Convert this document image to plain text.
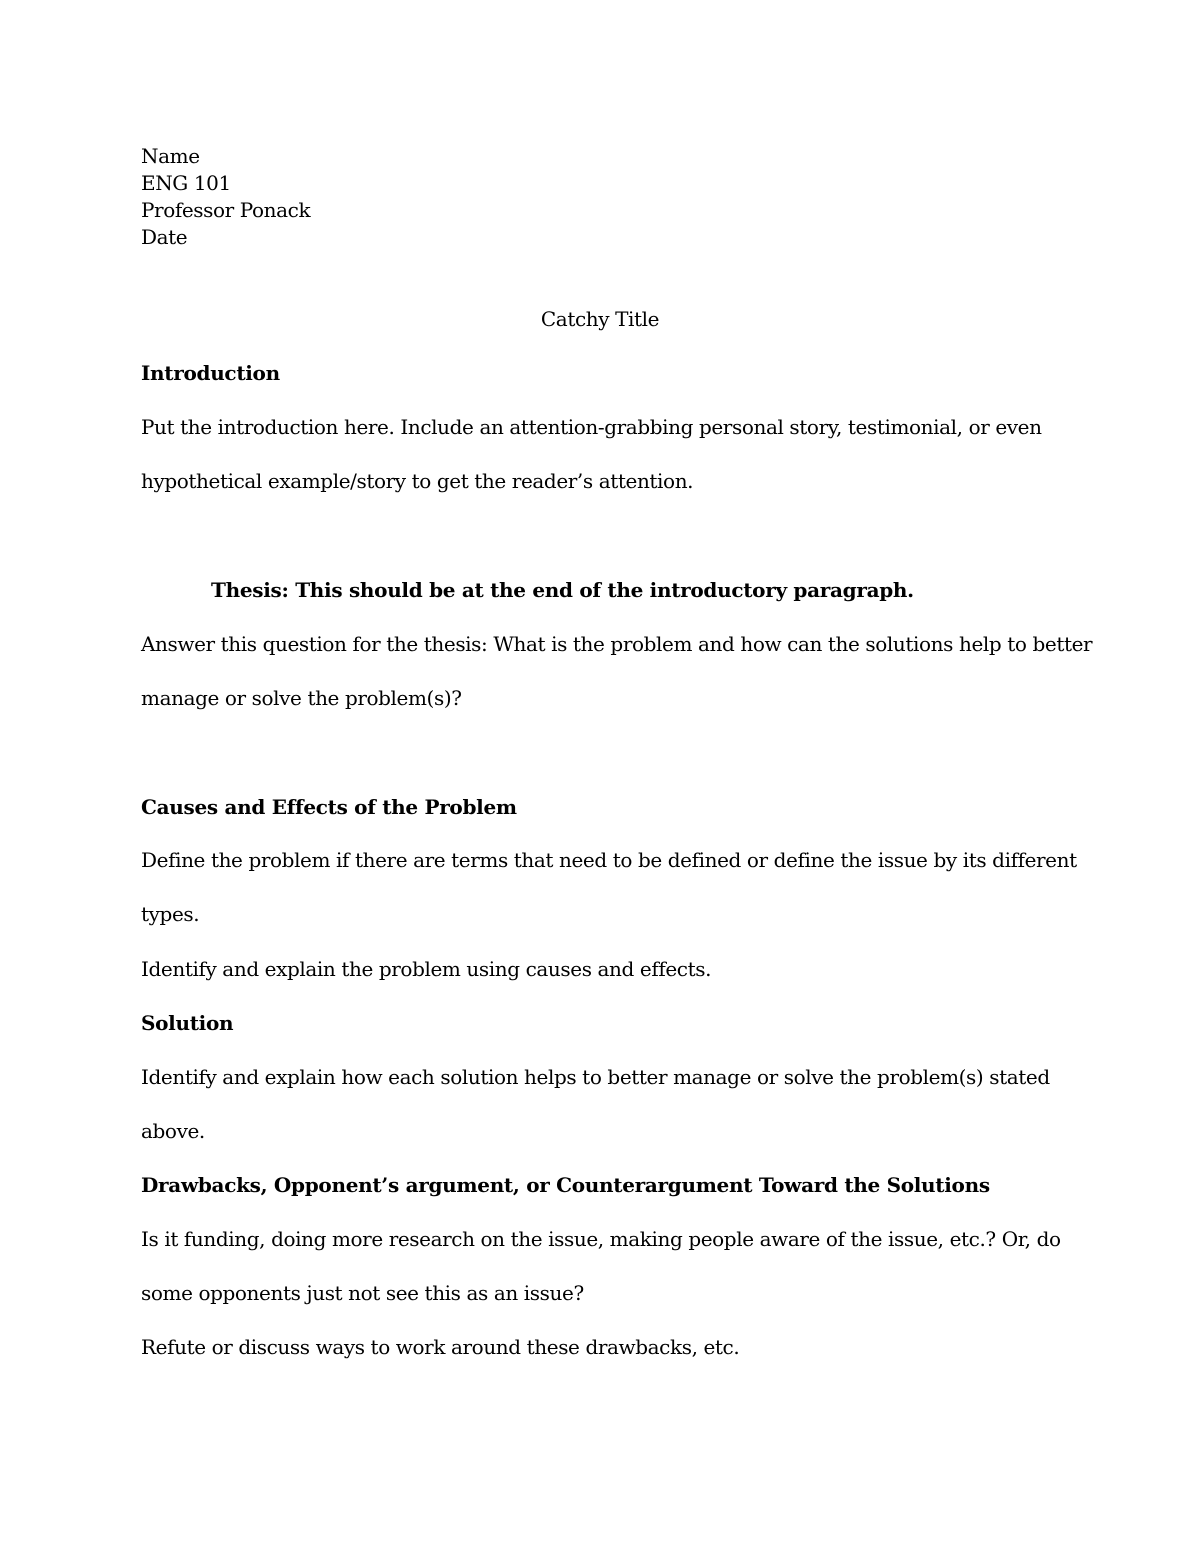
Name
ENG 101
Professor Ponack
Date
Catchy Title
Introduction
Put the introduction here. Include an attention-grabbing personal story, testimonial, or even
hypothetical example/story to get the reader’s attention.
Thesis: This should be at the end of the introductory paragraph.
Answer this question for the thesis: What is the problem and how can the solutions help to better
manage or solve the problem(s)?
Causes and Effects of the Problem
Define the problem if there are terms that need to be defined or define the issue by its different
types.
Identify and explain the problem using causes and effects.
Solution
Identify and explain how each solution helps to better manage or solve the problem(s) stated
above.
Drawbacks, Opponent’s argument, or Counterargument Toward the Solutions
Is it funding, doing more research on the issue, making people aware of the issue, etc.? Or, do
some opponents just not see this as an issue?
Refute or discuss ways to work around these drawbacks, etc.
